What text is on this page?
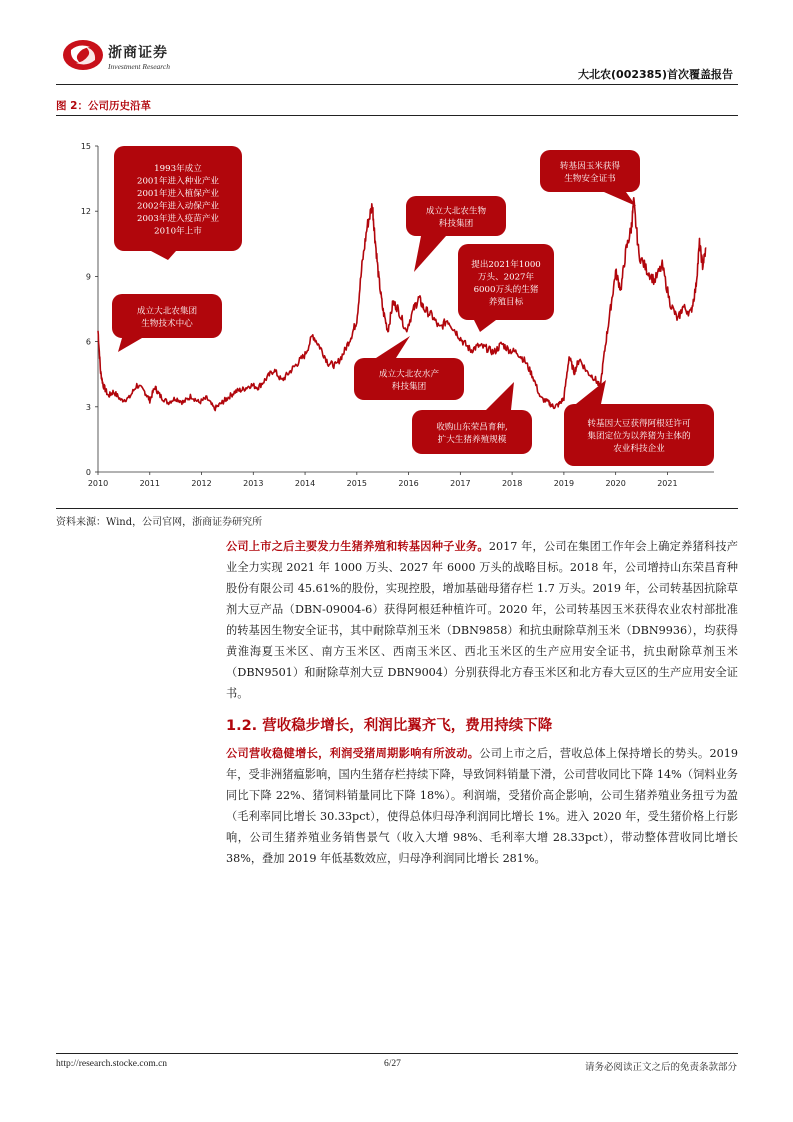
浙商证券
Investment Research
大北农(002385)首次覆盖报告
图 2：公司历史沿革
0
3
6
9
12
15
2010	2011	2012	2013	2014	2015	2016	2017	2018	2019	2020	2021
1993年成立
2001年进入种业产业
2001年进入植保产业
2002年进入动保产业
2003年进入疫苗产业
2010年上市
成立大北农集团
生物技术中心
成立大北农生物
科技集团
提出2021年1000
万头、2027年
6000万头的生猪
养殖目标
转基因玉米获得
生物安全证书
成立大北农水产
科技集团
收购山东荣昌育种,
扩大生猪养殖规模
转基因大豆获得阿根廷许可
集团定位为以养猪为主体的
农业科技企业
资料来源：Wind，公司官网，浙商证券研究所
公司上市之后主要发力生猪养殖和转基因种子业务。2017 年，公司在集团工作年会上确定养猪科技产业全力实现 2021 年 1000 万头、2027 年 6000 万头的战略目标。2018 年，公司增持山东荣昌育种股份有限公司 45.61%的股份，实现控股，增加基础母猪存栏 1.7 万头。2019 年，公司转基因抗除草剂大豆产品（DBN-09004-6）获得阿根廷种植许可。2020 年，公司转基因玉米获得农业农村部批准的转基因生物安全证书，其中耐除草剂玉米（DBN9858）和抗虫耐除草剂玉米（DBN9936），均获得黄淮海夏玉米区、南方玉米区、西南玉米区、西北玉米区的生产应用安全证书，抗虫耐除草剂玉米（DBN9501）和耐除草剂大豆 DBN9004）分别获得北方春玉米区和北方春大豆区的生产应用安全证书。
1.2. 营收稳步增长，利润比翼齐飞，费用持续下降
公司营收稳健增长，利润受猪周期影响有所波动。公司上市之后，营收总体上保持增长的势头。2019 年，受非洲猪瘟影响，国内生猪存栏持续下降，导致饲料销量下滑，公司营收同比下降 14%（饲料业务同比下降 22%、猪饲料销量同比下降 18%）。利润端，受猪价高企影响，公司生猪养殖业务扭亏为盈（毛利率同比增长 30.33pct），使得总体归母净利润同比增长 1%。进入 2020 年，受生猪价格上行影响，公司生猪养殖业务销售景气（收入大增 98%、毛利率大增 28.33pct），带动整体营收同比增长 38%，叠加 2019 年低基数效应，归母净利润同比增长 281%。
http://research.stocke.com.cn	6/27	请务必阅读正文之后的免责条款部分
